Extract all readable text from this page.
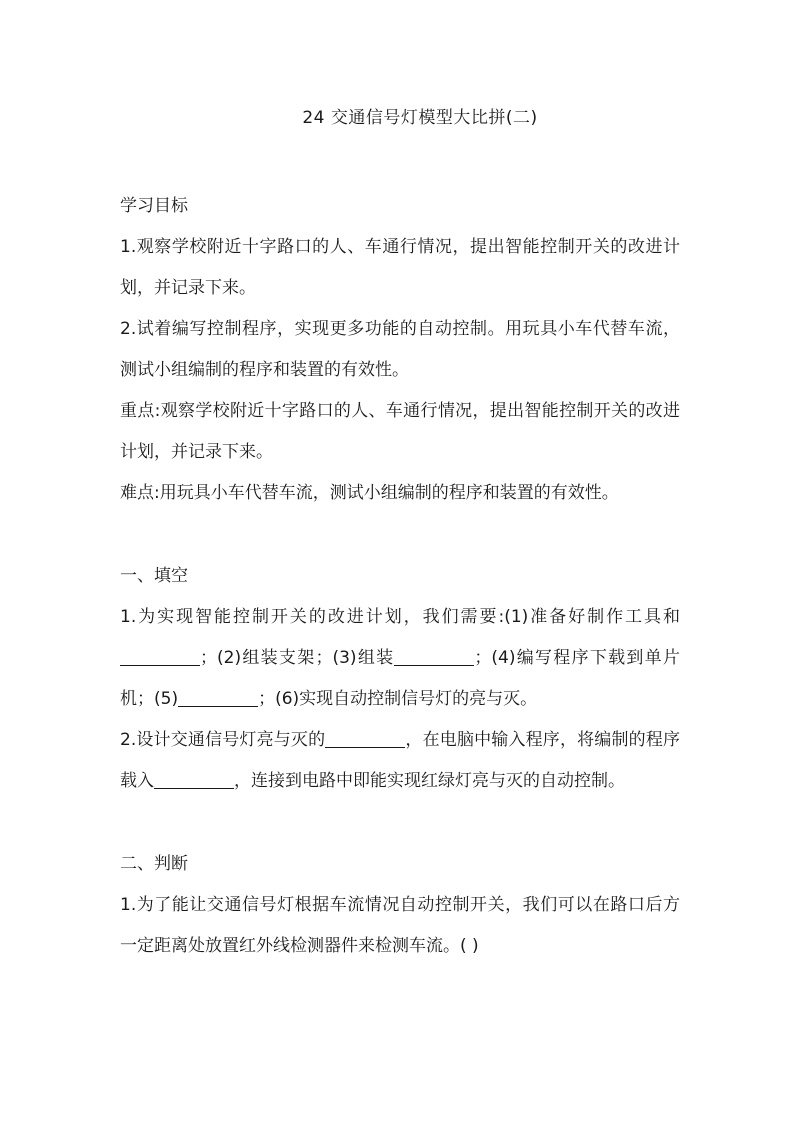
24 交通信号灯模型大比拼(二)

学习目标

1.观察学校附近十字路口的人、车通行情况，提出智能控制开关的改进计划，并记录下来。

2.试着编写控制程序，实现更多功能的自动控制。用玩具小车代替车流，测试小组编制的程序和装置的有效性。

重点:观察学校附近十字路口的人、车通行情况，提出智能控制开关的改进计划，并记录下来。

难点:用玩具小车代替车流，测试小组编制的程序和装置的有效性。

一、填空

1.为实现智能控制开关的改进计划，我们需要:(1)准备好制作工具和；(2)组装支架；(3)组装	；(4)编写程序下载到单片机；(5)	；(6)实现自动控制信号灯的亮与灭。

2.设计交通信号灯亮与灭的	，在电脑中输入程序，将编制的程序载入	，连接到电路中即能实现红绿灯亮与灭的自动控制。

二、判断

1.为了能让交通信号灯根据车流情况自动控制开关，我们可以在路口后方一定距离处放置红外线检测器件来检测车流。( )
